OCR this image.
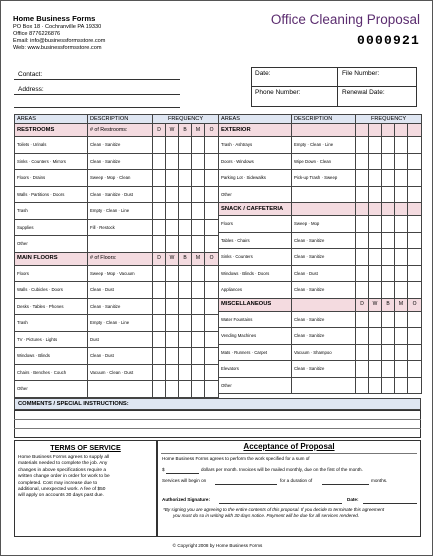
Home Business Forms
PO Box 18 · Cochranville PA 19330
Office 8776226876
Email: info@businessformsstore.com
Web: www.businessformsstore.com
Office Cleaning Proposal
0000921
Contact:
Address:
Date:	File Number:
Phone Number:	Renewal Date:
AREAS	DESCRIPTION	FREQUENCY				
RESTROOMS	# of Restrooms:	D	W	B	M	O
Toilets · Urinals	Clean · Sanitize					
Sinks · Counters · Mirrors	Clean · Sanitize					
Floors · Drains	Sweep · Mop · Clean					
Walls · Partitions · Doors	Clean · Sanitize · Dust					
Trash	Empty · Clean · Line					
Supplies	Fill · Restock					
Other						
MAIN FLOORS	# of Floors:	D	W	B	M	O
Floors	Sweep · Mop · Vacuum					
Walls · Cubicles · Doors	Clean · Dust					
Desks · Tables · Phones	Clean · Sanitize					
Trash	Empty · Clean · Line					
TV · Pictures · Lights	Dust					
Windows · Blinds	Clean · Dust					
Chairs · Benches · Couch	Vacuum · Clean · Dust					
Other						
AREAS	DESCRIPTION	FREQUENCY				
EXTERIOR						
Trash · Ashtrays	Empty · Clean · Line					
Doors · Windows	Wipe Down · Clean					
Parking Lot · Sidewalks	Pick-up Trash · Sweep					
Other						
SNACK / CAFFETERIA						
Floors	Sweep · Mop					
Tables · Chairs	Clean · Sanitize					
Sinks · Counters	Clean · Sanitize					
Windows · Blinds · Doors	Clean · Dust					
Appliances	Clean · Sanitize					
MISCELLANEOUS		D	W	B	M	O
Water Fountains	Clean · Sanitize					
Vending Machines	Clean · Sanitize					
Mats · Runners · Carpet	Vacuum · Shampoo					
Elevators	Clean · Sanitize					
Other						
COMMENTS / SPECIAL INSTRUCTIONS:
TERMS OF SERVICE
Home Business Forms agrees to supply all
materials needed to complete the job. Any
changes in above specifications require a
written change order in order for work to be
completed. Cost may increase due to
additional, unexpected work. A fee of $50
will apply on accounts 30 days past due.
Acceptance of Proposal
Home Business Forms agrees to perform the work specified for a sum of
$	dollars per month. Invoices will be mailed monthly, due on the first of the month.
Services will begin on	for a duration of	months.
Authorized Signature:	Date:
*By signing you are agreeing to the entire contents of this proposal. If you decide to terminate this agreement
you must do so in writing with 30 days notice. Payment will be due for all services rendered.
© Copyright 2008 by Home Business Forms
